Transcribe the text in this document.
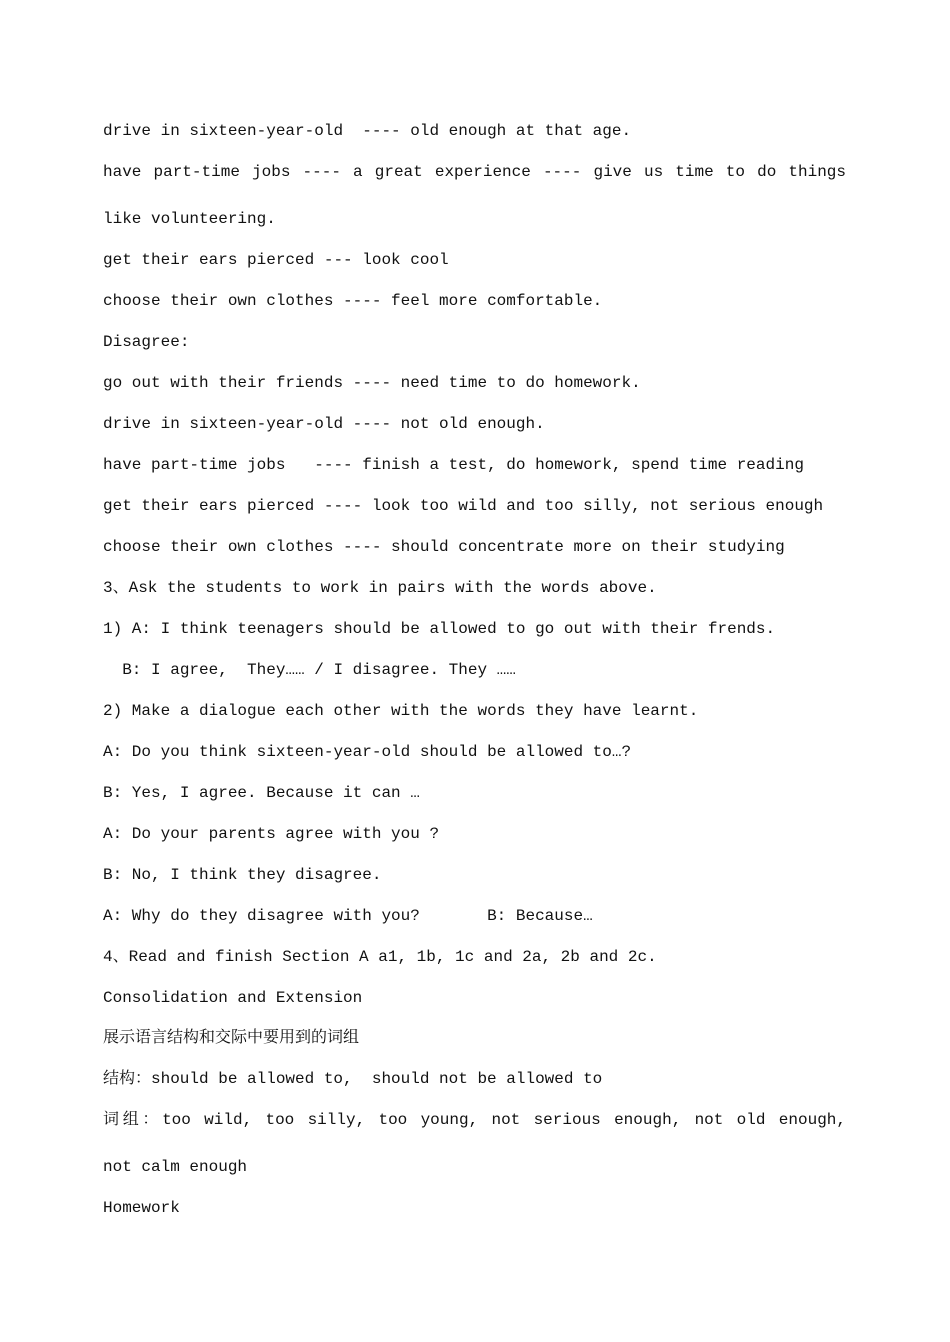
drive in sixteen-year-old  ---- old enough at that age.
have part-time jobs ---- a great experience ---- give us time to do things
like volunteering.
get their ears pierced --- look cool
choose their own clothes ---- feel more comfortable.
Disagree:
go out with their friends ---- need time to do homework.
drive in sixteen-year-old ---- not old enough.
have part-time jobs   ---- finish a test, do homework, spend time reading
get their ears pierced ---- look too wild and too silly, not serious enough
choose their own clothes ---- should concentrate more on their studying
3、Ask the students to work in pairs with the words above.
1) A: I think teenagers should be allowed to go out with their frends.
B: I agree,  They…… / I disagree. They ……
2) Make a dialogue each other with the words they have learnt.
A: Do you think sixteen-year-old should be allowed to…?
B: Yes, I agree. Because it can …
A: Do your parents agree with you ?
B: No, I think they disagree.
A: Why do they disagree with you?       B: Because…
4、Read and finish Section A a1, 1b, 1c and 2a, 2b and 2c.
Consolidation and Extension
展示语言结构和交际中要用到的词组
结构：should be allowed to,  should not be allowed to
词组：too wild, too silly, too young, not serious enough, not old enough,
not calm enough
Homework
